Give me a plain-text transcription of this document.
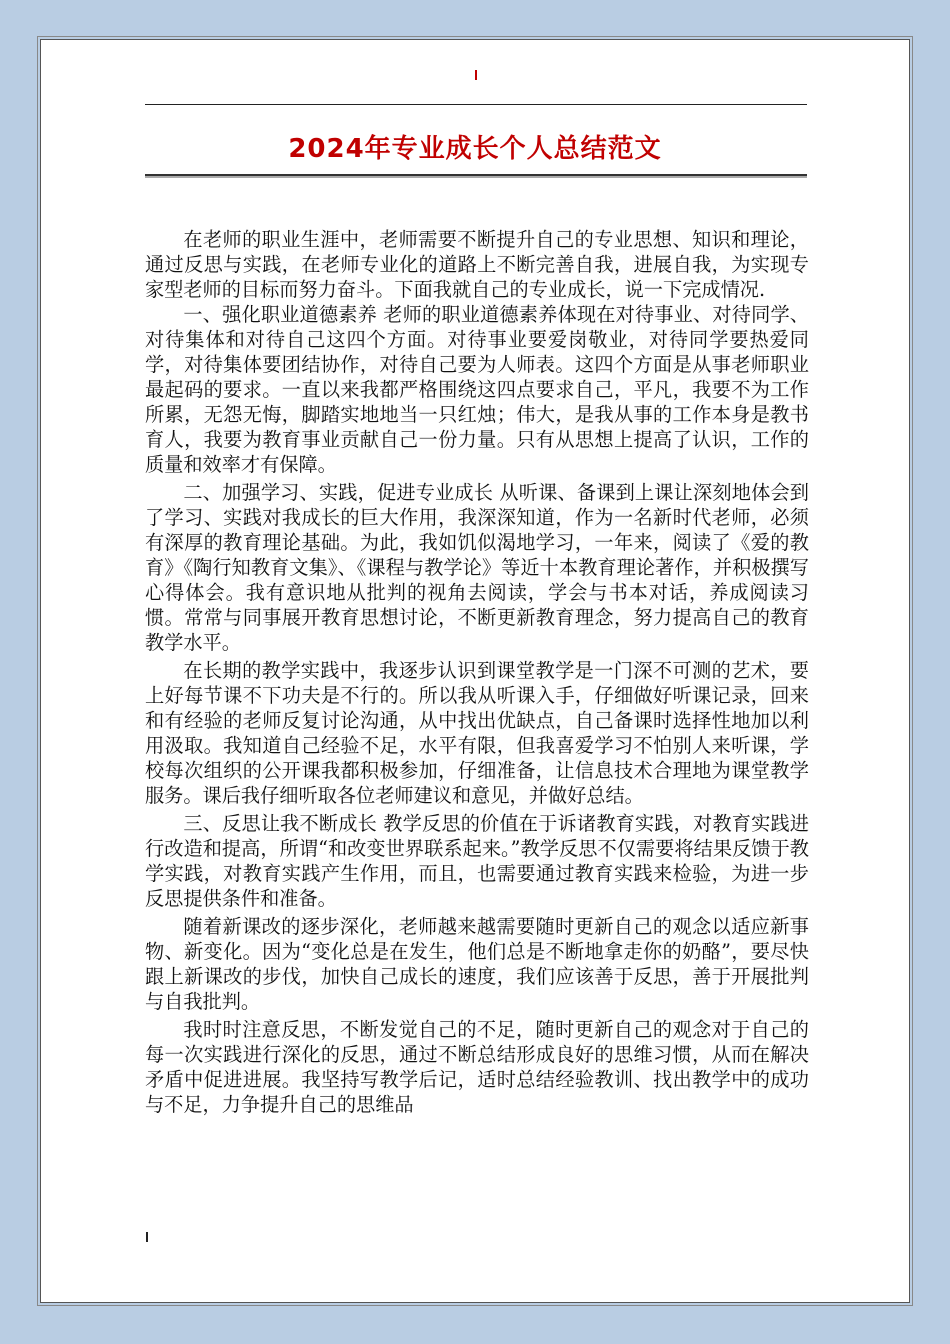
2024年专业成长个人总结范文

在老师的职业生涯中，老师需要不断提升自己的专业思想、知识和理论，通过反思与实践，在老师专业化的道路上不断完善自我，进展自我，为实现专家型老师的目标而努力奋斗。下面我就自己的专业成长，说一下完成情况.

一、强化职业道德素养 老师的职业道德素养体现在对待事业、对待同学、对待集体和对待自己这四个方面。对待事业要爱岗敬业，对待同学要热爱同学，对待集体要团结协作，对待自己要为人师表。这四个方面是从事老师职业最起码的要求。一直以来我都严格围绕这四点要求自己，平凡，我要不为工作所累，无怨无悔，脚踏实地地当一只红烛；伟大，是我从事的工作本身是教书育人，我要为教育事业贡献自己一份力量。只有从思想上提高了认识，工作的质量和效率才有保障。

二、加强学习、实践，促进专业成长 从听课、备课到上课让深刻地体会到了学习、实践对我成长的巨大作用，我深深知道，作为一名新时代老师，必须有深厚的教育理论基础。为此，我如饥似渴地学习，一年来，阅读了《爱的教育》《陶行知教育文集》、《课程与教学论》等近十本教育理论著作，并积极撰写心得体会。我有意识地从批判的视角去阅读，学会与书本对话，养成阅读习惯。常常与同事展开教育思想讨论，不断更新教育理念，努力提高自己的教育教学水平。

在长期的教学实践中，我逐步认识到课堂教学是一门深不可测的艺术，要上好每节课不下功夫是不行的。所以我从听课入手，仔细做好听课记录，回来和有经验的老师反复讨论沟通，从中找出优缺点，自己备课时选择性地加以利用汲取。我知道自己经验不足，水平有限，但我喜爱学习不怕别人来听课，学校每次组织的公开课我都积极参加，仔细准备，让信息技术合理地为课堂教学服务。课后我仔细听取各位老师建议和意见，并做好总结。

三、反思让我不断成长 教学反思的价值在于诉诸教育实践，对教育实践进行改造和提高，所谓“和改变世界联系起来。”教学反思不仅需要将结果反馈于教学实践，对教育实践产生作用，而且，也需要通过教育实践来检验，为进一步反思提供条件和准备。

随着新课改的逐步深化，老师越来越需要随时更新自己的观念以适应新事物、新变化。因为“变化总是在发生，他们总是不断地拿走你的奶酪”，要尽快跟上新课改的步伐，加快自己成长的速度，我们应该善于反思，善于开展批判与自我批判。

我时时注意反思，不断发觉自己的不足，随时更新自己的观念对于自己的每一次实践进行深化的反思，通过不断总结形成良好的思维习惯，从而在解决矛盾中促进进展。我坚持写教学后记，适时总结经验教训、找出教学中的成功与不足，力争提升自己的思维品
